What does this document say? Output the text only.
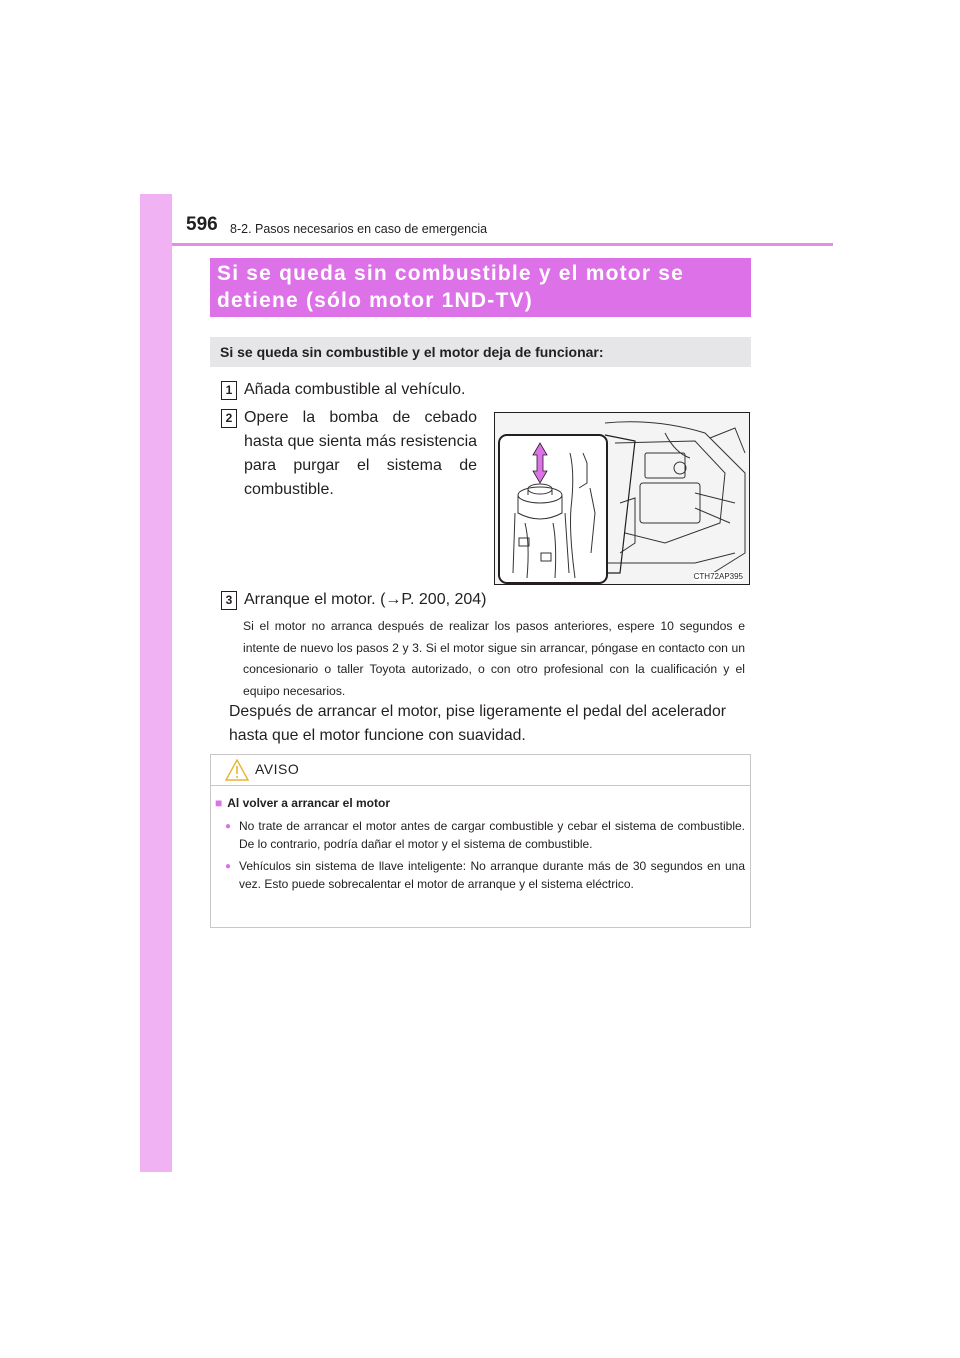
596 8-2. Pasos necesarios en caso de emergencia
Si se queda sin combustible y el motor se
detiene (sólo motor 1ND-TV)
Si se queda sin combustible y el motor deja de funcionar:
1 Añada combustible al vehículo.
2 Opere la bomba de cebado hasta que sienta más resistencia para purgar el sistema de combustible.
CTH72AP395
3 Arranque el motor. (→P. 200, 204)
Si el motor no arranca después de realizar los pasos anteriores, espere 10 segundos e intente de nuevo los pasos 2 y 3. Si el motor sigue sin arrancar, póngase en contacto con un concesionario o taller Toyota autorizado, o con otro profesional con la cualificación y el equipo necesarios.
Después de arrancar el motor, pise ligeramente el pedal del acelerador hasta que el motor funcione con suavidad.
AVISO
■ Al volver a arrancar el motor
● No trate de arrancar el motor antes de cargar combustible y cebar el sistema de combustible. De lo contrario, podría dañar el motor y el sistema de combustible.
● Vehículos sin sistema de llave inteligente: No arranque durante más de 30 segundos en una vez. Esto puede sobrecalentar el motor de arranque y el sistema eléctrico.
